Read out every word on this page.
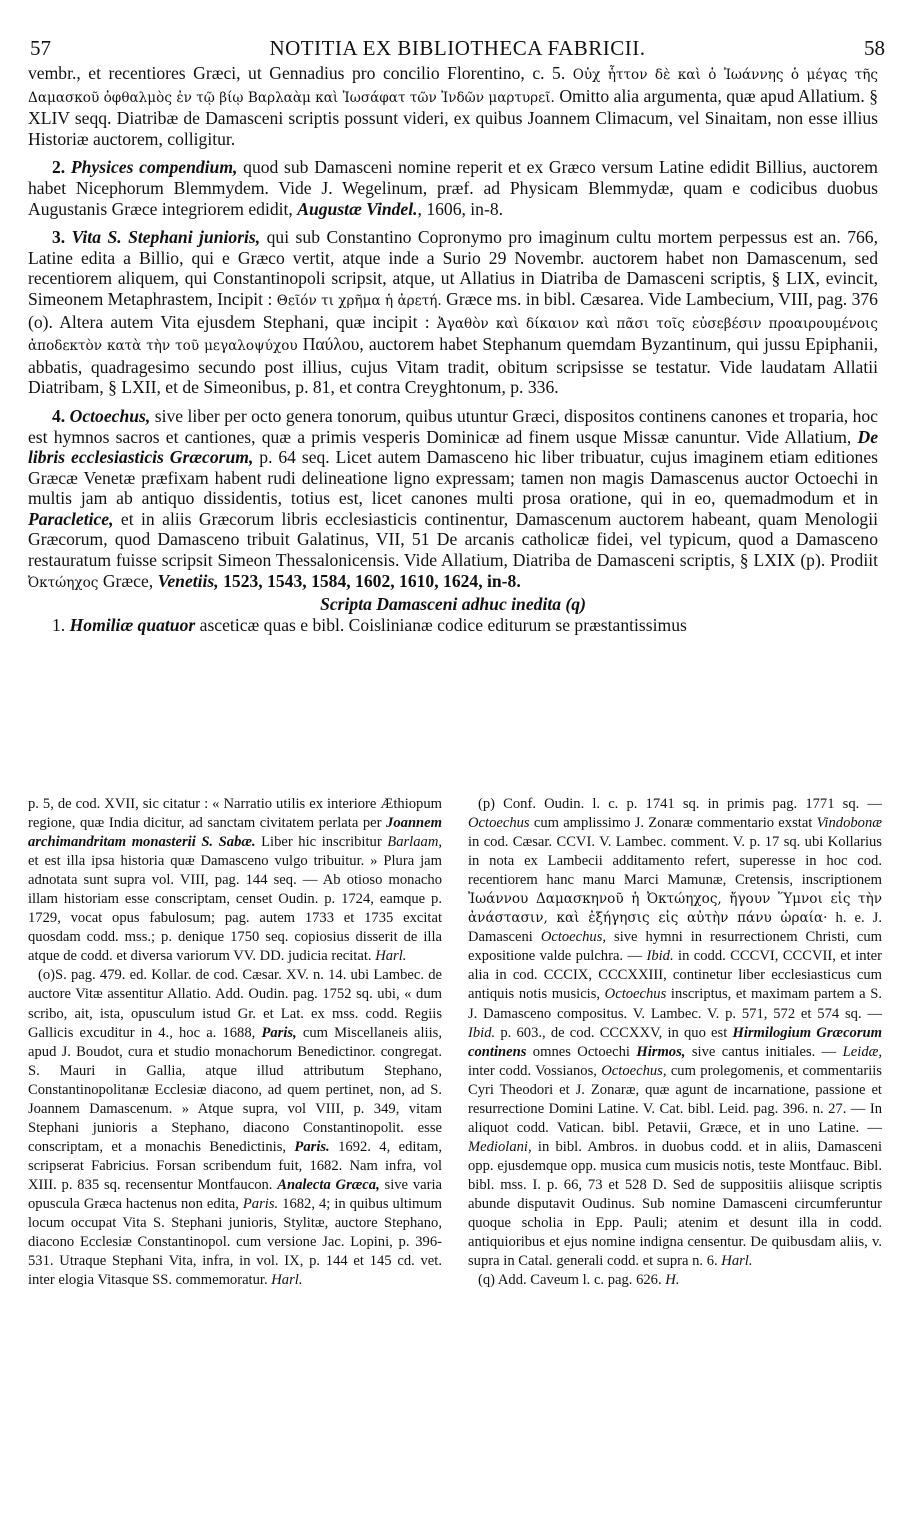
57	NOTITIA EX BIBLIOTHECA FABRICII.	58

vembr., et recentiores Græci, ut Gennadius pro concilio Florentino, c. 5. Οὐχ ἧττον δὲ καὶ ὁ Ἰωάννης ὁ μέγας τῆς Δαμασκοῦ ὀφθαλμὸς ἐν τῷ βίῳ Βαρλαὰμ καὶ Ἰωσάφατ τῶν Ἰνδῶν μαρτυρεῖ. Omitto alia argumenta, quæ apud Allatium. § XLIV seqq. Diatribæ de Damasceni scriptis possunt videri, ex quibus Joannem Climacum, vel Sinaitam, non esse illius Historiæ auctorem, colligitur.

2. Physices compendium, quod sub Damasceni nomine reperit et ex Græco versum Latine edidit Billius, auctorem habet Nicephorum Blemmydem. Vide J. Wegelinum, præf. ad Physicam Blemmydæ, quam e codicibus duobus Augustanis Græce integriorem edidit, Augustæ Vindel., 1606, in-8.

3. Vita S. Stephani junioris, qui sub Constantino Copronymo pro imaginum cultu mortem perpessus est an. 766, Latine edita a Billio, qui e Græco vertit, atque inde a Surio 29 Novembr. auctorem habet non Damascenum, sed recentiorem aliquem, qui Constantinopoli scripsit, atque, ut Allatius in Diatriba de Damasceni scriptis, § LIX, evincit, Simeonem Metaphrastem, Incipit : Θεῖόν τι χρῆμα ἡ ἀρετή. Græce ms. in bibl. Cæsarea. Vide Lambecium, VIII, pag. 376 (o). Altera autem Vita ejusdem Stephani, quæ incipit : Ἀγαθὸν καὶ δίκαιον καὶ πᾶσι τοῖς εὐσεβέσιν προαιρουμένοις ἀποδεκτὸν κατὰ τὴν τοῦ μεγαλοψύχου Παύλου, auctorem habet Stephanum quemdam Byzantinum, qui jussu Epiphanii, abbatis, quadragesimo secundo post illius, cujus Vitam tradit, obitum scripsisse se testatur. Vide laudatam Allatii Diatribam, § LXII, et de Simeonibus, p. 81, et contra Creyghtonum, p. 336.

4. Octoechus, sive liber per octo genera tonorum, quibus utuntur Græci, dispositos continens canones et troparia, hoc est hymnos sacros et cantiones, quæ a primis vesperis Dominicæ ad finem usque Missæ canuntur. Vide Allatium, De libris ecclesiasticis Græcorum, p. 64 seq. Licet autem Damasceno hic liber tribuatur, cujus imaginem etiam editiones Græcæ Venetæ præfixam habent rudi delineatione ligno expressam; tamen non magis Damascenus auctor Octoechi in multis jam ab antiquo dissidentis, totius est, licet canones multi prosa oratione, qui in eo, quemadmodum et in Paracletice, et in aliis Græcorum libris ecclesiasticis continentur, Damascenum auctorem habeant, quam Menologii Græcorum, quod Damasceno tribuit Galatinus, VII, 51 De arcanis catholicæ fidei, vel typicum, quod a Damasceno restauratum fuisse scripsit Simeon Thessalonicensis. Vide Allatium, Diatriba de Damasceni scriptis, § LXIX (p). Prodiit Ὀκτώηχος Græce, Venetiis, 1523, 1543, 1584, 1602, 1610, 1624, in-8.

Scripta Damasceni adhuc inedita (q)

1. Homiliæ quatuor asceticæ quas e bibl. Coislinianæ codice editurum se præstantissimus

p. 5, de cod. XVII, sic citatur : « Narratio utilis ex interiore Æthiopum regione, quæ India dicitur, ad sanctam civitatem perlata per Joannem archimandritam monasterii S. Sabæ. Liber hic inscribitur Barlaam, et est illa ipsa historia quæ Damasceno vulgo tribuitur. » Plura jam adnotata sunt supra vol. VIII, pag. 144 seq. — Ab otioso monacho illam historiam esse conscriptam, censet Oudin. p. 1724, eamque p. 1729, vocat opus fabulosum; pag. autem 1733 et 1735 excitat quosdam codd. mss.; p. denique 1750 seq. copiosius disserit de illa atque de codd. et diversa variorum VV. DD. judicia recitat. Harl.

(o)S. pag. 479. ed. Kollar. de cod. Cæsar. XV. n. 14. ubi Lambec. de auctore Vitæ assentitur Allatio. Add. Oudin. pag. 1752 sq. ubi, « dum scribo, ait, ista, opusculum istud Gr. et Lat. ex mss. codd. Regiis Gallicis excuditur in 4., hoc a. 1688, Paris, cum Miscellaneis aliis, apud J. Boudot, cura et studio monachorum Benedictinor. congregat. S. Mauri in Gallia, atque illud attributum Stephano, Constantinopolitanæ Ecclesiæ diacono, ad quem pertinet, non, ad S. Joannem Damascenum. » Atque supra, vol VIII, p. 349, vitam Stephani junioris a Stephano, diacono Constantinopolit. esse conscriptam, et a monachis Benedictinis, Paris. 1692. 4, editam, scripserat Fabricius. Forsan scribendum fuit, 1682. Nam infra, vol XIII. p. 835 sq. recensentur Montfaucon. Analecta Græca, sive varia opuscula Græca hactenus non edita, Paris. 1682, 4; in quibus ultimum locum occupat Vita S. Stephani junioris, Stylitæ, auctore Stephano, diacono Ecclesiæ Constantinopol. cum versione Jac. Lopini, p. 396-531. Utraque Stephani Vita, infra, in vol. IX, p. 144 et 145 cd. vet. inter elogia Vitasque SS. commemoratur. Harl.

(p) Conf. Oudin. l. c. p. 1741 sq. in primis pag. 1771 sq. — Octoechus cum amplissimo J. Zonaræ commentario exstat Vindobonæ in cod. Cæsar. CCVI. V. Lambec. comment. V. p. 17 sq. ubi Kollarius in nota ex Lambecii additamento refert, superesse in hoc cod. recentiorem hanc manu Marci Mamunæ, Cretensis, inscriptionem Ἰωάννου Δαμασκηνοῦ ἡ Ὀκτώηχος, ἤγουν Ὕμνοι εἰς τὴν ἀνάστασιν, καὶ ἐξήγησις εἰς αὐτὴν πάνυ ὡραία· h. e. J. Damasceni Octoechus, sive hymni in resurrectionem Christi, cum expositione valde pulchra. — Ibid. in codd. CCCVI, CCCVII, et inter alia in cod. CCCIX, CCCXXIII, continetur liber ecclesiasticus cum antiquis notis musicis, Octoechus inscriptus, et maximam partem a S. J. Damasceno compositus. V. Lambec. V. p. 571, 572 et 574 sq. — Ibid. p. 603., de cod. CCCXXV, in quo est Hirmilogium Græcorum continens omnes Octoechi Hirmos, sive cantus initiales. — Leidæ, inter codd. Vossianos, Octoechus, cum prolegomenis, et commentariis Cyri Theodori et J. Zonaræ, quæ agunt de incarnatione, passione et resurrectione Domini Latine. V. Cat. bibl. Leid. pag. 396. n. 27. — In aliquot codd. Vatican. bibl. Petavii, Græce, et in uno Latine. — Mediolani, in bibl. Ambros. in duobus codd. et in aliis, Damasceni opp. ejusdemque opp. musica cum musicis notis, teste Montfauc. Bibl. bibl. mss. I. p. 66, 73 et 528 D. Sed de suppositiis aliisque scriptis abunde disputavit Oudinus. Sub nomine Damasceni circumferuntur quoque scholia in Epp. Pauli; atenim et desunt illa in codd. antiquioribus et ejus nomine indigna censentur. De quibusdam aliis, v. supra in Catal. generali codd. et supra n. 6. Harl.

(q) Add. Caveum l. c. pag. 626. H.
